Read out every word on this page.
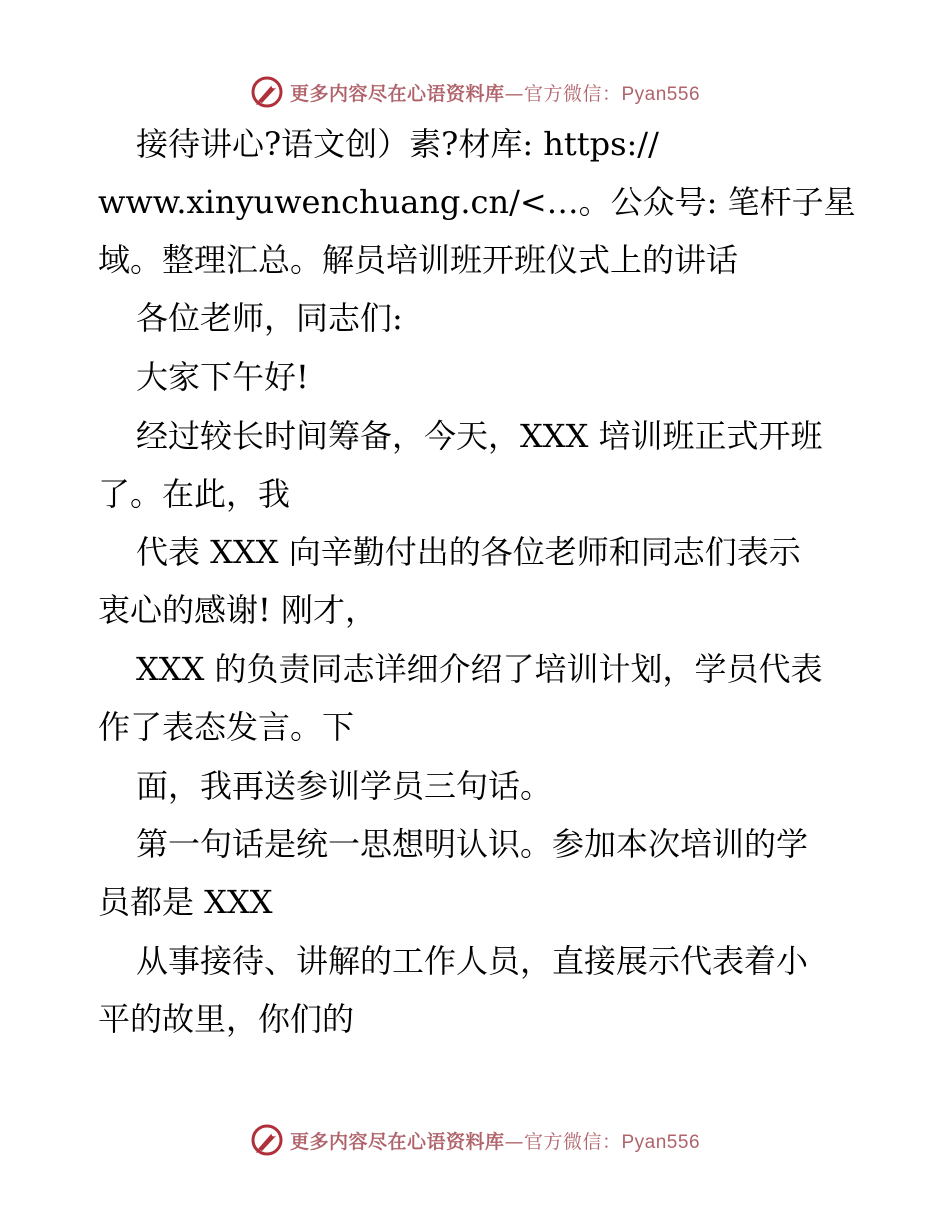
更多内容尽在心语资料库—官方微信：Pyan556
接待讲心?语文创）素?材库: https://
www.xinyuwenchuang.cn/<…。公众号: 笔杆子星
域。整理汇总。解员培训班开班仪式上的讲话
各位老师，同志们:
大家下午好!
经过较长时间筹备，今天，XXX 培训班正式开班
了。在此，我
代表 XXX 向辛勤付出的各位老师和同志们表示
衷心的感谢! 刚才，
XXX 的负责同志详细介绍了培训计划，学员代表
作了表态发言。下
面，我再送参训学员三句话。
第一句话是统一思想明认识。参加本次培训的学
员都是 XXX
从事接待、讲解的工作人员，直接展示代表着小
平的故里，你们的
更多内容尽在心语资料库—官方微信：Pyan556
